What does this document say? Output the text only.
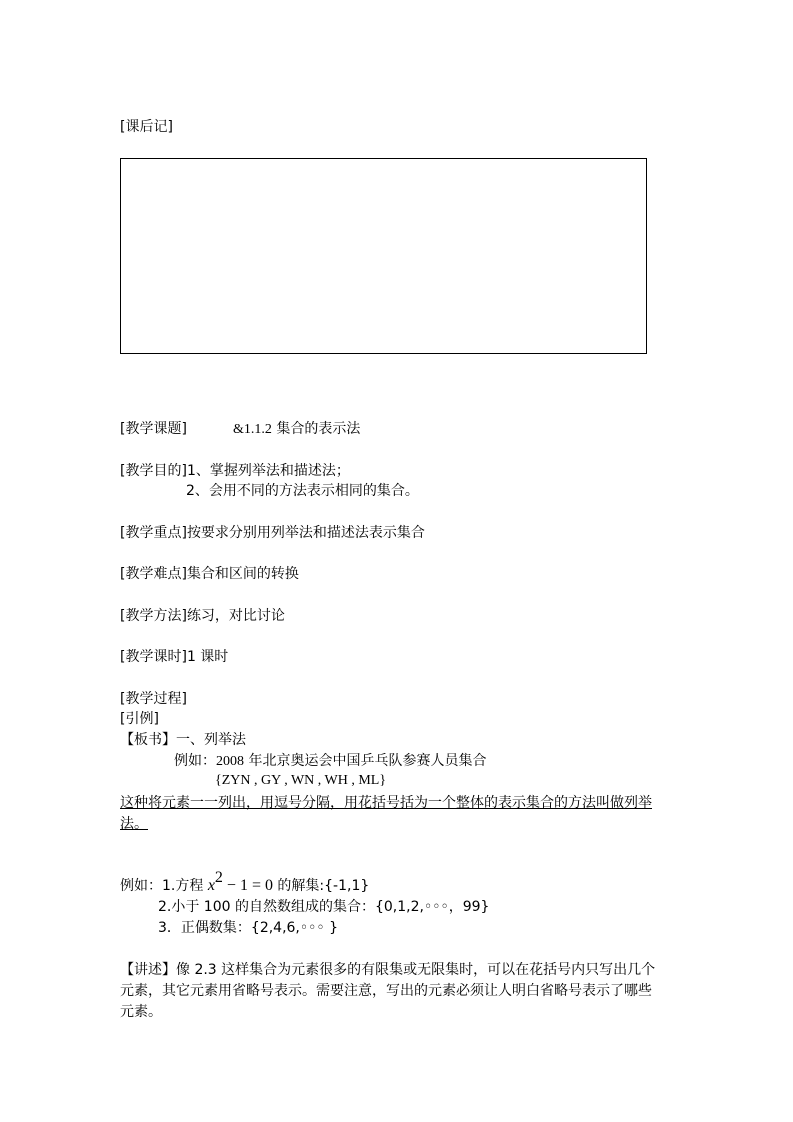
[课后记]
[教学课题]	&1.1.2 集合的表示法
[教学目的]1、掌握列举法和描述法；
2、会用不同的方法表示相同的集合。
[教学重点]按要求分别用列举法和描述法表示集合
[教学难点]集合和区间的转换
[教学方法]练习，对比讨论
[教学课时]1 课时
[教学过程]
[引例]
【板书】一、列举法
例如：2008 年北京奥运会中国乒乓队参赛人员集合
{ZYN , GY , WN , WH , ML}
这种将元素一一列出，用逗号分隔，用花括号括为一个整体的表示集合的方法叫做列举
法。
例如：1.方程 $x^2 - 1 = 0$ 的解集:{-1,1}
2.小于 100 的自然数组成的集合：{0,1,2,◦◦◦，99}
3．正偶数集：{2,4,6,◦◦◦ }
【讲述】像 2.3 这样集合为元素很多的有限集或无限集时，可以在花括号内只写出几个
元素，其它元素用省略号表示。需要注意，写出的元素必须让人明白省略号表示了哪些
元素。
